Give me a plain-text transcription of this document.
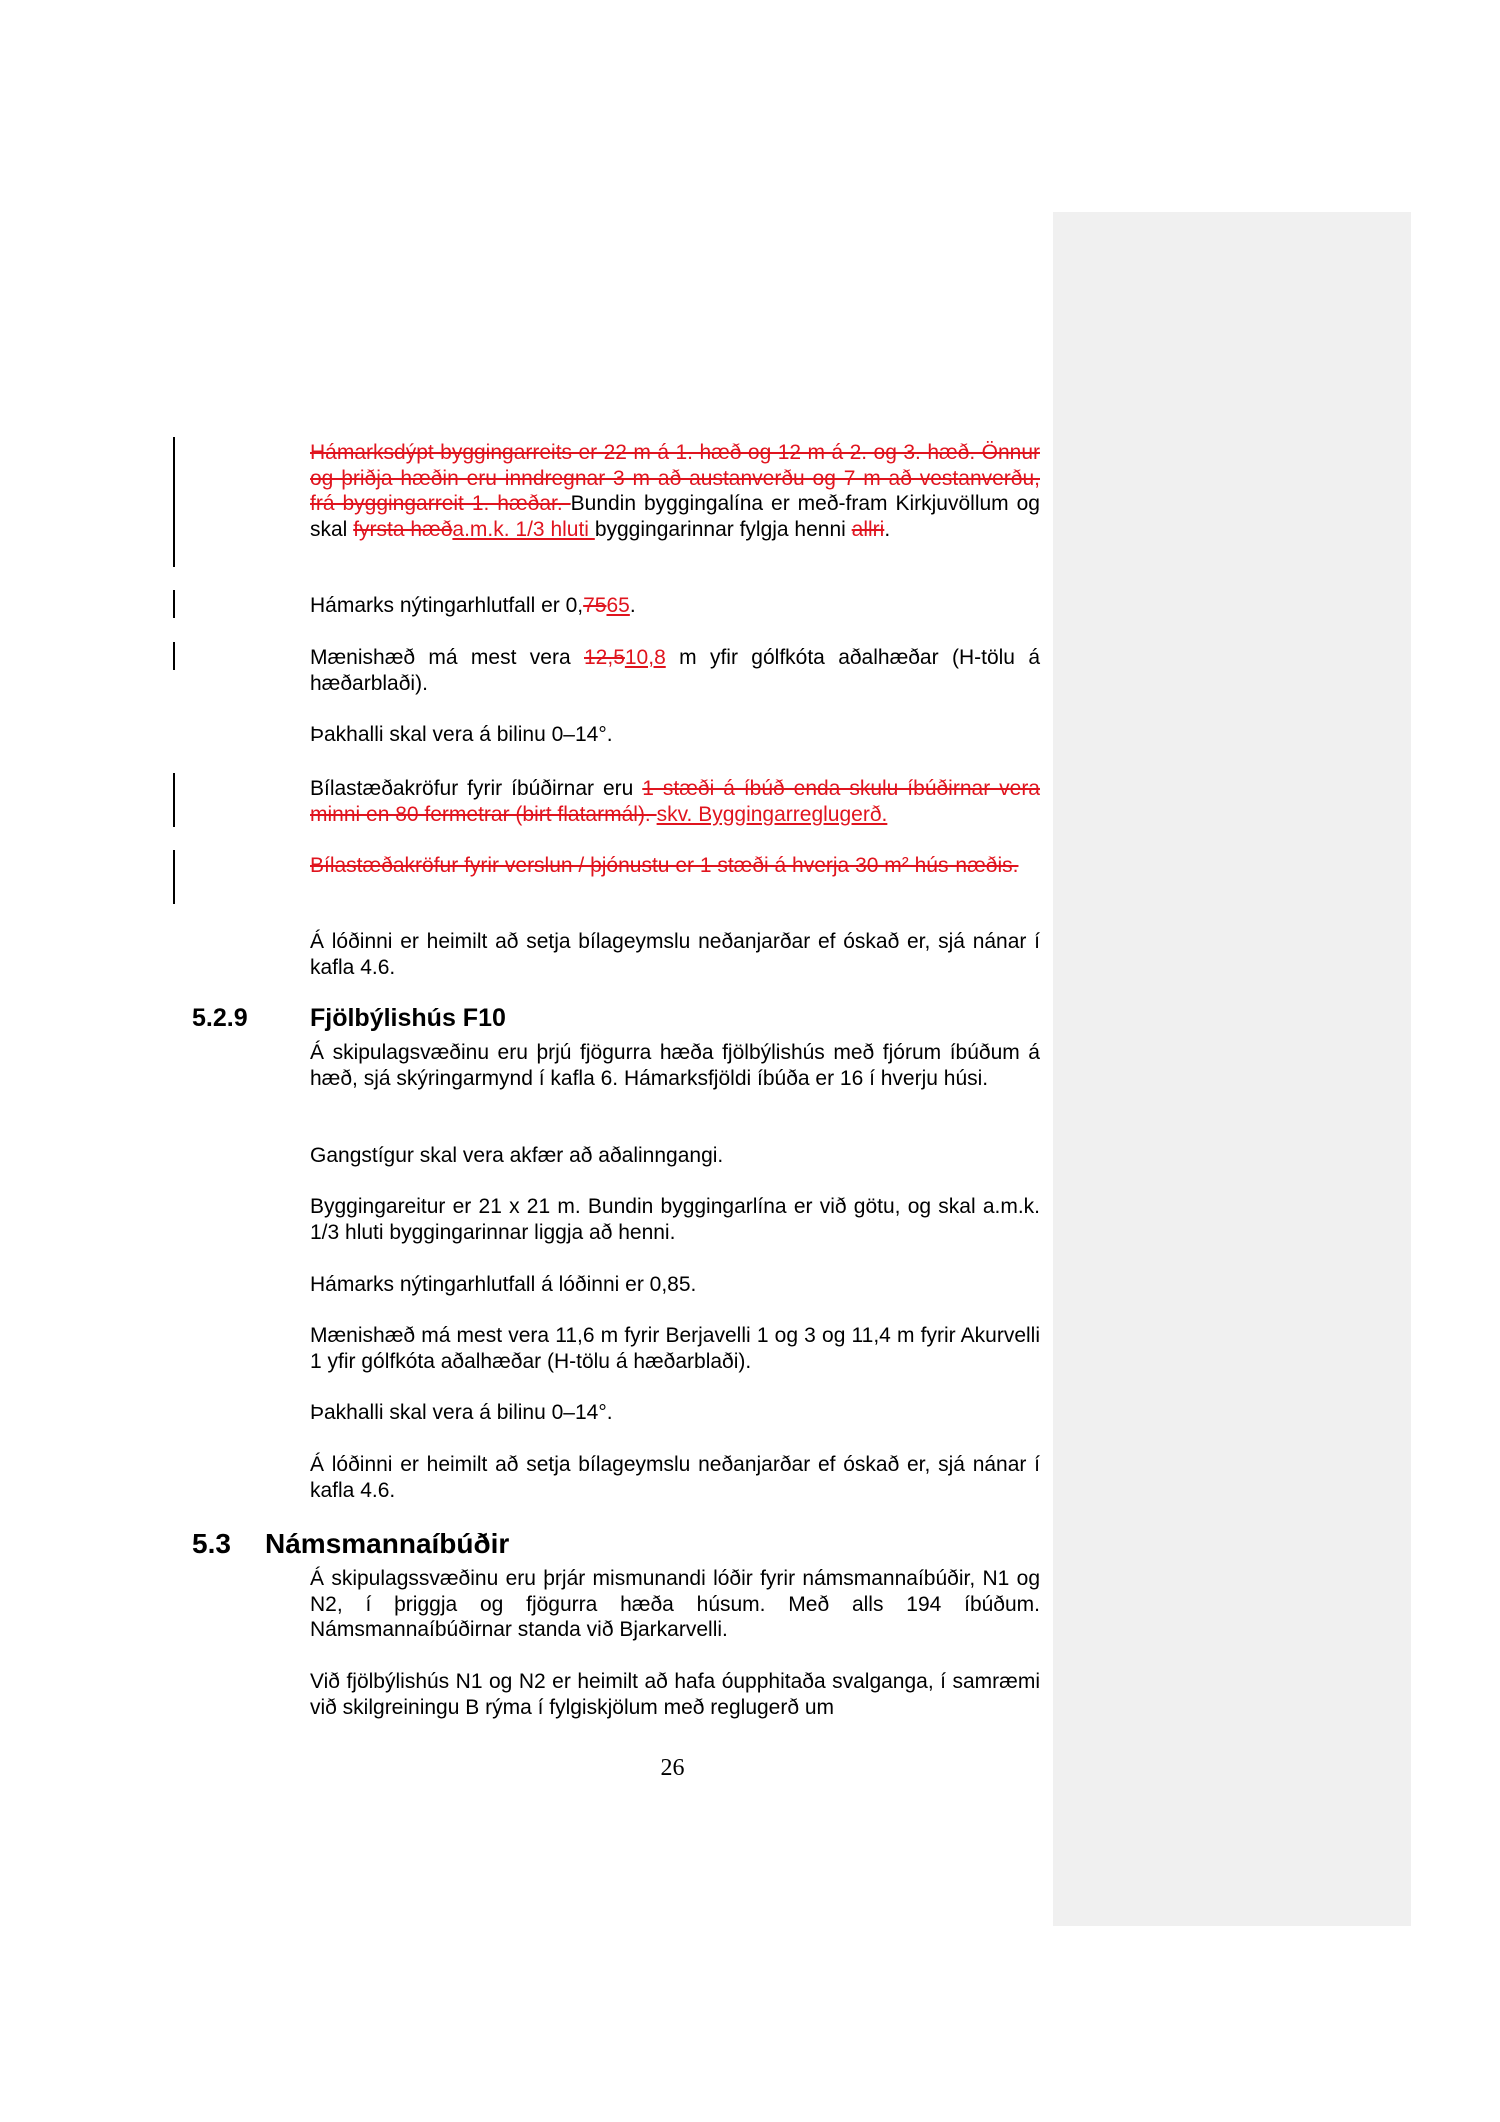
Hámarksdýpt byggingarreits er 22 m á 1. hæð og 12 m á 2. og 3. hæð. Önnur og þriðja hæðin eru inndregnar 3 m að austanverðu og 7 m að vestanverðu, frá byggingarreit 1. hæðar. Bundin byggingalína er með-fram Kirkjuvöllum og skal fyrsta hæða.m.k. 1/3 hluti byggingarinnar fylgja henni allri.

Hámarks nýtingarhlutfall er 0,7565.

Mænishæð má mest vera 12,510,8 m yfir gólfkóta aðalhæðar (H-tölu á hæðarblaði).

Þakhalli skal vera á bilinu 0–14°.

Bílastæðakröfur fyrir íbúðirnar eru 1 stæði á íbúð enda skulu íbúðirnar vera minni en 80 fermetrar (birt flatarmál). skv. Byggingarreglugerð.

Bílastæðakröfur fyrir verslun / þjónustu er 1 stæði á hverja 30 m² hús-næðis.

Á lóðinni er heimilt að setja bílageymslu neðanjarðar ef óskað er, sjá nánar í kafla 4.6.

5.2.9 Fjölbýlishús F10

Á skipulagsvæðinu eru þrjú fjögurra hæða fjölbýlishús með fjórum íbúðum á hæð, sjá skýringarmynd í kafla 6. Hámarksfjöldi íbúða er 16 í hverju húsi.

Gangstígur skal vera akfær að aðalinngangi.

Byggingareitur er 21 x 21 m. Bundin byggingarlína er við götu, og skal a.m.k. 1/3 hluti byggingarinnar liggja að henni.

Hámarks nýtingarhlutfall á lóðinni er 0,85.

Mænishæð má mest vera 11,6 m fyrir Berjavelli 1 og 3 og 11,4 m fyrir Akurvelli 1 yfir gólfkóta aðalhæðar (H-tölu á hæðarblaði).

Þakhalli skal vera á bilinu 0–14°.

Á lóðinni er heimilt að setja bílageymslu neðanjarðar ef óskað er, sjá nánar í kafla 4.6.

5.3 Námsmannaíbúðir

Á skipulagssvæðinu eru þrjár mismunandi lóðir fyrir námsmannaíbúðir, N1 og N2, í þriggja og fjögurra hæða húsum. Með alls 194 íbúðum. Námsmannaíbúðirnar standa við Bjarkarvelli.

Við fjölbýlishús N1 og N2 er heimilt að hafa óupphitaða svalganga, í samræmi við skilgreiningu B rýma í fylgiskjölum með reglugerð um

26
